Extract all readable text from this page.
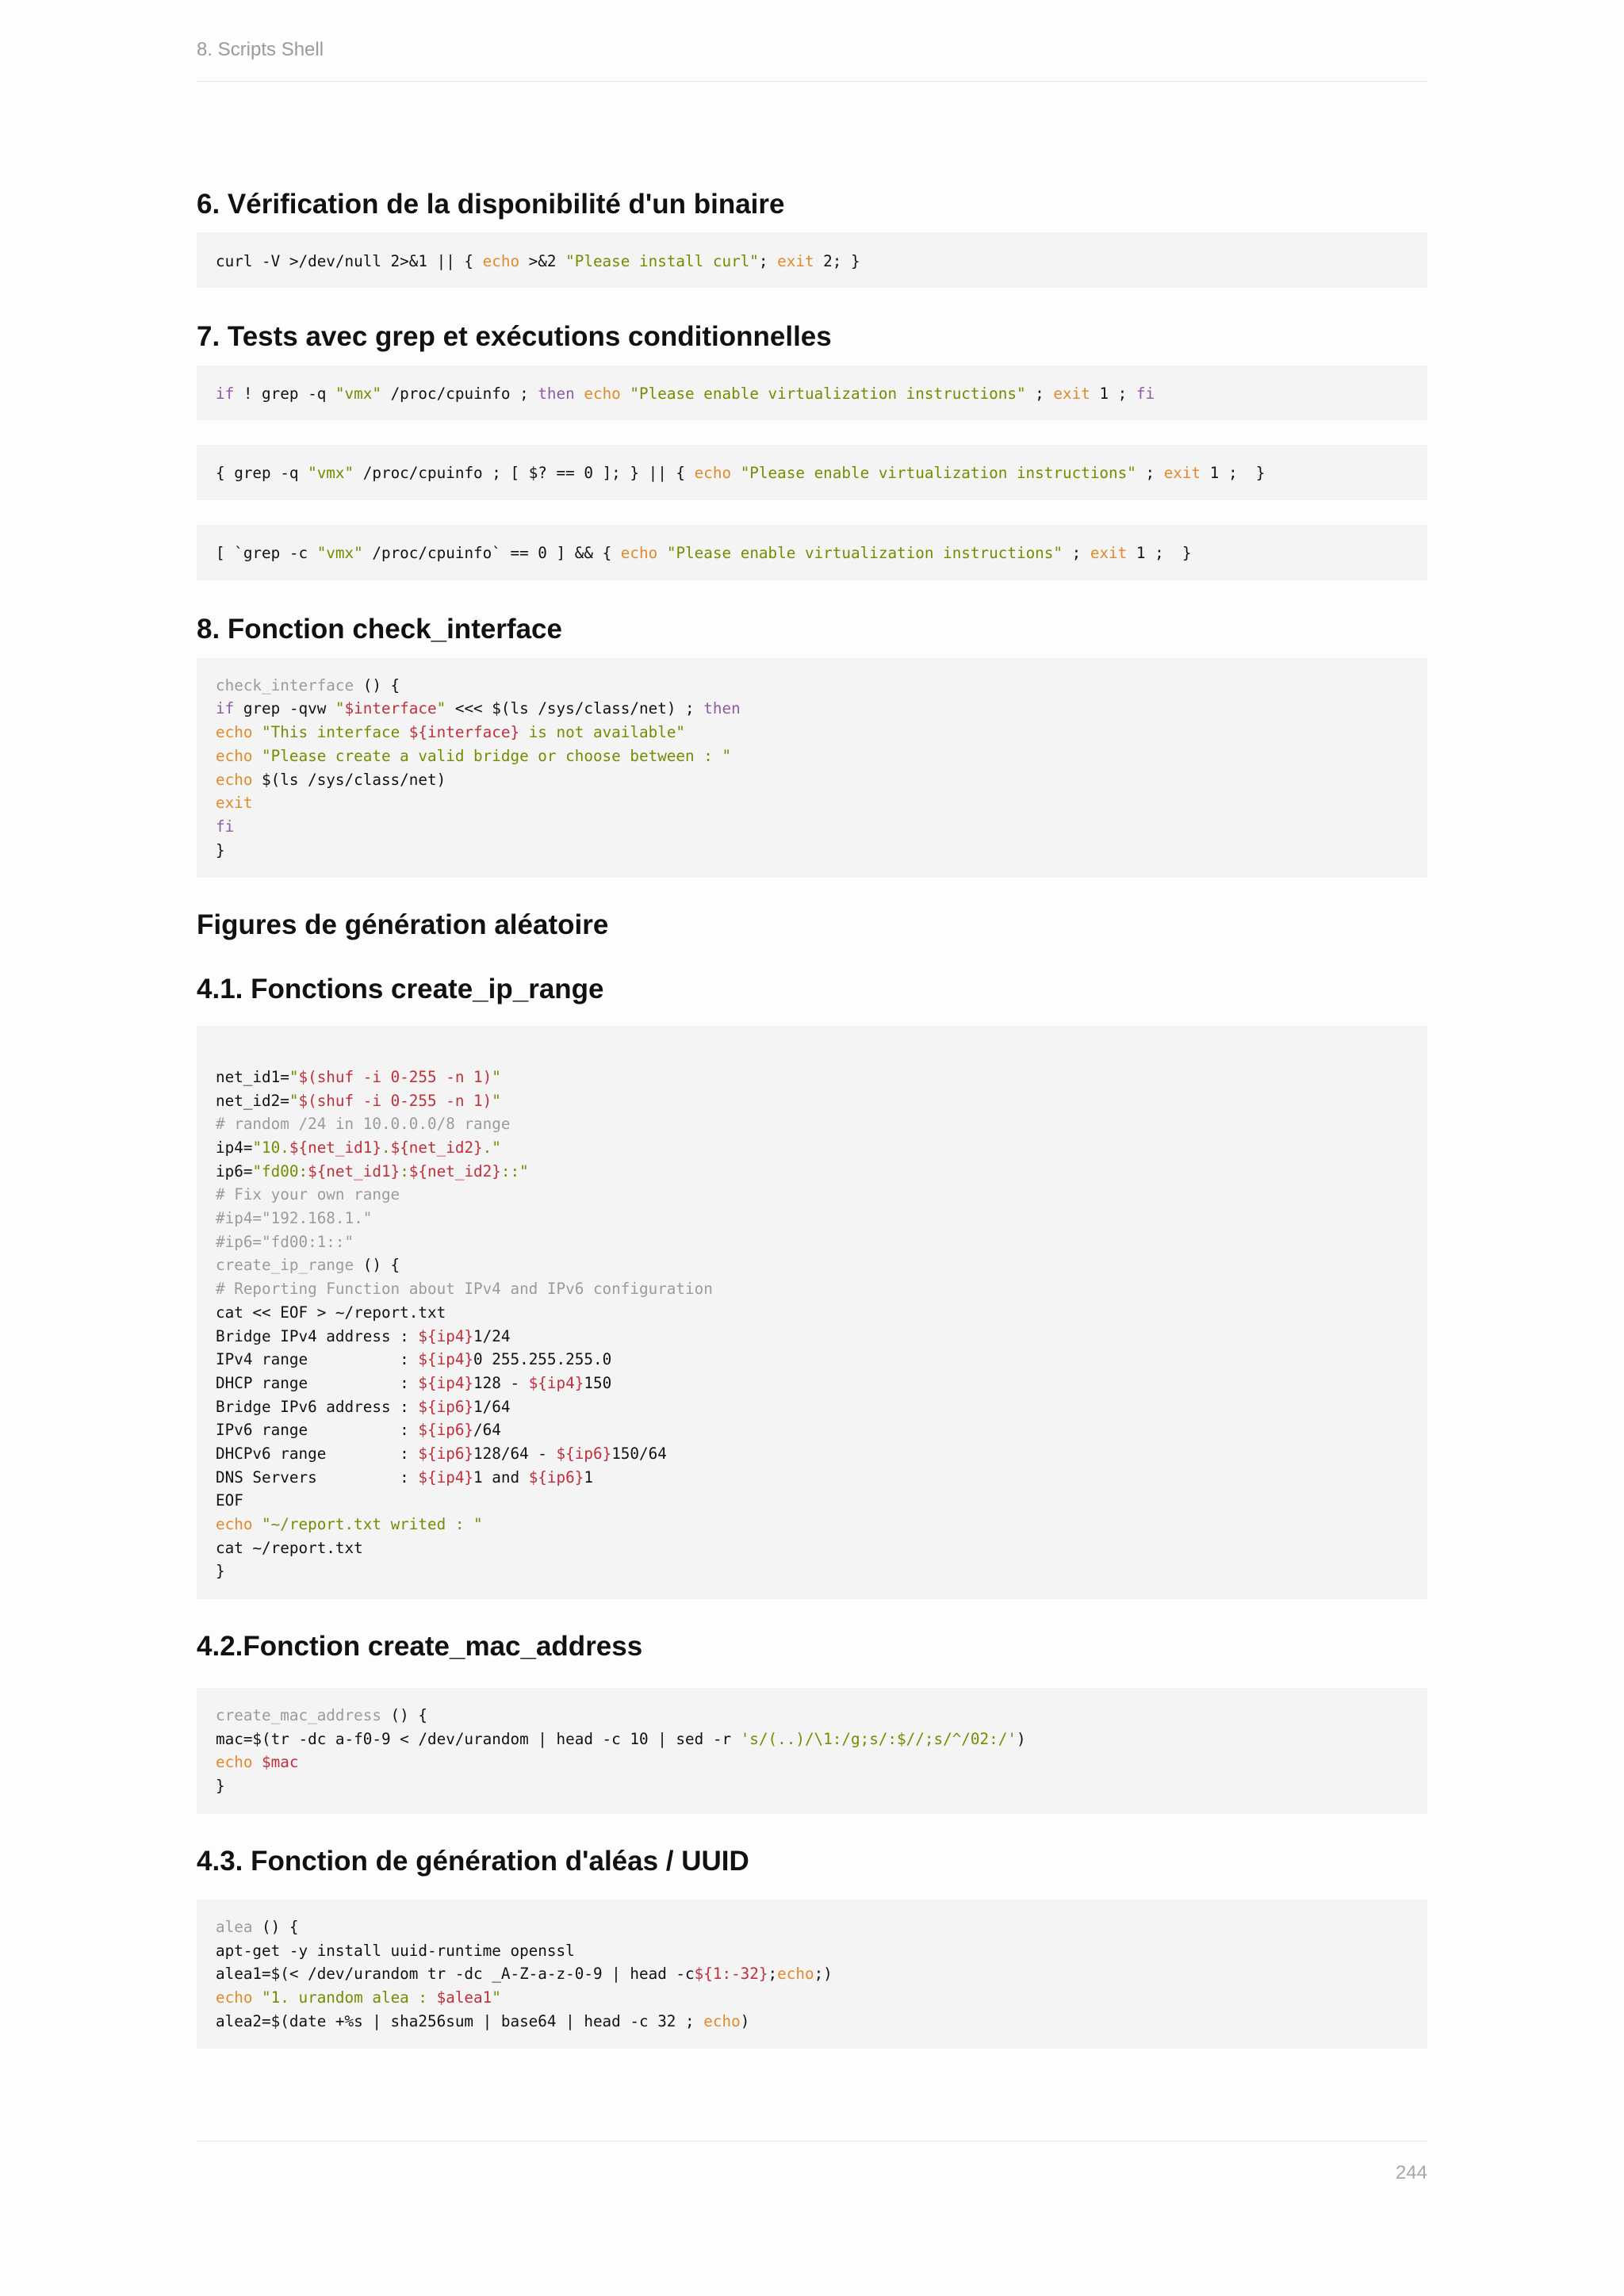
8. Scripts Shell
6. Vérification de la disponibilité d'un binaire
curl -V >/dev/null 2>&1 || { echo >&2 "Please install curl"; exit 2; }
7. Tests avec grep et exécutions conditionnelles
if ! grep -q "vmx" /proc/cpuinfo ; then echo "Please enable virtualization instructions" ; exit 1 ; fi
{ grep -q "vmx" /proc/cpuinfo ; [ $? == 0 ]; } || { echo "Please enable virtualization instructions" ; exit 1 ;  }
[ `grep -c "vmx" /proc/cpuinfo` == 0 ] && { echo "Please enable virtualization instructions" ; exit 1 ;  }
8. Fonction check_interface
check_interface () {
if grep -qvw "$interface" <<< $(ls /sys/class/net) ; then
echo "This interface ${interface} is not available"
echo "Please create a valid bridge or choose between : "
echo $(ls /sys/class/net)
exit
fi
}
Figures de génération aléatoire
4.1. Fonctions create_ip_range

net_id1="$(shuf -i 0-255 -n 1)"
net_id2="$(shuf -i 0-255 -n 1)"
# random /24 in 10.0.0.0/8 range
ip4="10.${net_id1}.${net_id2}."
ip6="fd00:${net_id1}:${net_id2}::"
# Fix your own range
#ip4="192.168.1."
#ip6="fd00:1::"
create_ip_range () {
# Reporting Function about IPv4 and IPv6 configuration
cat << EOF > ~/report.txt
Bridge IPv4 address : ${ip4}1/24
IPv4 range          : ${ip4}0 255.255.255.0
DHCP range          : ${ip4}128 - ${ip4}150
Bridge IPv6 address : ${ip6}1/64
IPv6 range          : ${ip6}/64
DHCPv6 range        : ${ip6}128/64 - ${ip6}150/64
DNS Servers         : ${ip4}1 and ${ip6}1
EOF
echo "~/report.txt writed : "
cat ~/report.txt
}
4.2.Fonction create_mac_address
create_mac_address () {
mac=$(tr -dc a-f0-9 < /dev/urandom | head -c 10 | sed -r 's/(..)/\1:/g;s/:$//;s/^/02:/')
echo $mac
}
4.3. Fonction de génération d'aléas / UUID
alea () {
apt-get -y install uuid-runtime openssl
alea1=$(< /dev/urandom tr -dc _A-Z-a-z-0-9 | head -c${1:-32};echo;)
echo "1. urandom alea : $alea1"
alea2=$(date +%s | sha256sum | base64 | head -c 32 ; echo)
244
